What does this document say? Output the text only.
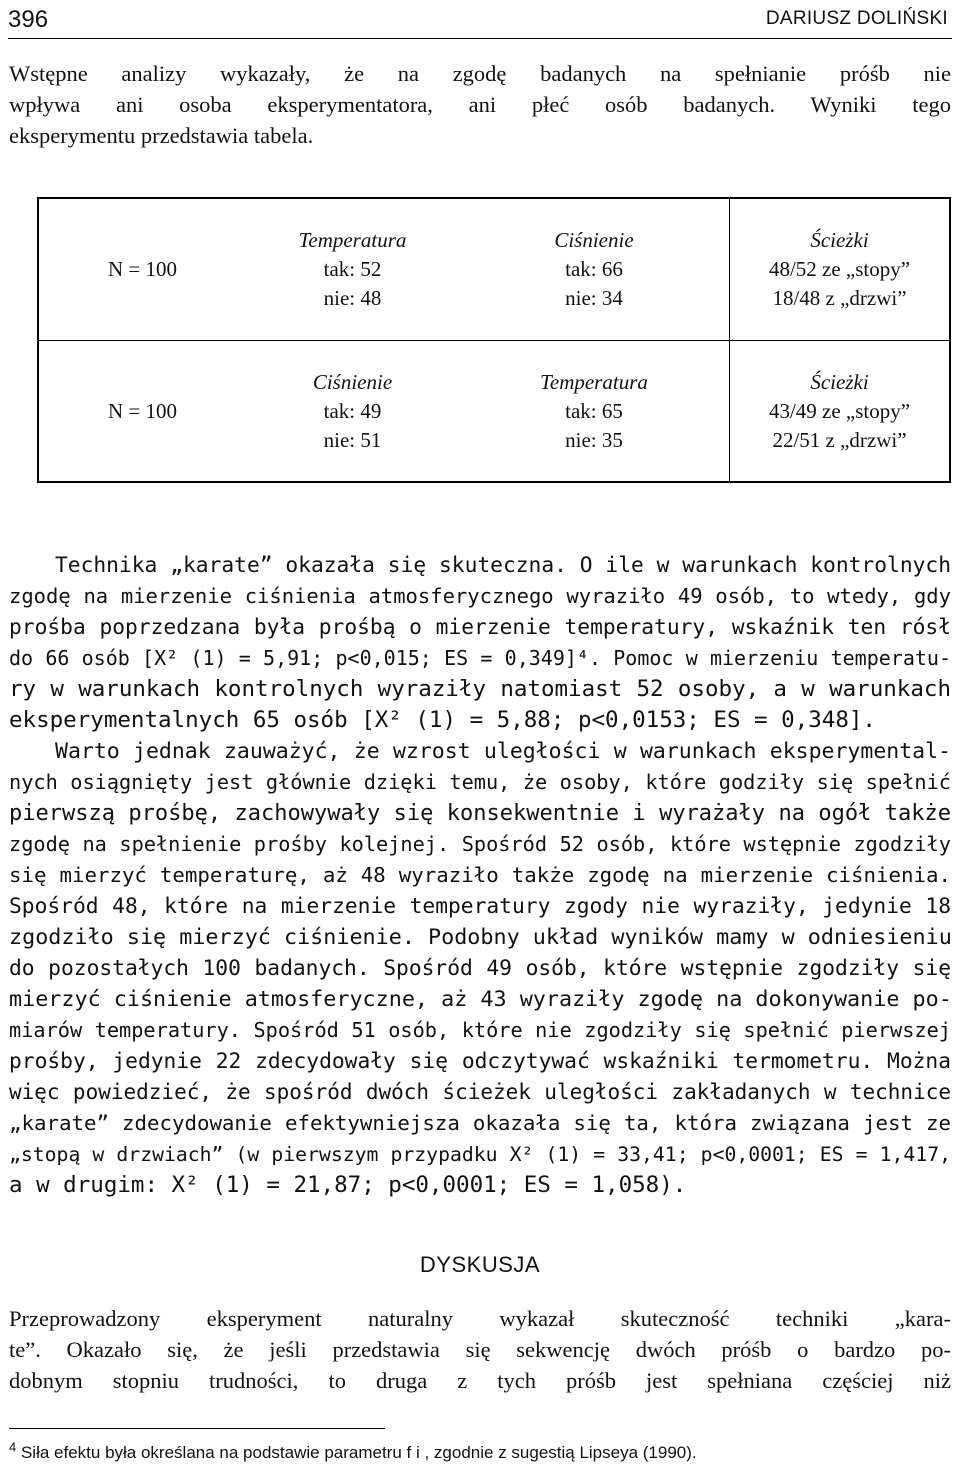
396	DARIUSZ DOLIŃSKI
Wstępne analizy wykazały, że na zgodę badanych na spełnianie próśb nie
wpływa ani osoba eksperymentatora, ani płeć osób badanych. Wyniki tego
eksperymentu przedstawia tabela.
N = 100
Temperatura
tak: 52
nie: 48
Ciśnienie
tak: 66
nie: 34
Ścieżki
48/52 ze „stopy”
18/48 z „drzwi”
N = 100
Ciśnienie
tak: 49
nie: 51
Temperatura
tak: 65
nie: 35
Ścieżki
43/49 ze „stopy”
22/51 z „drzwi”
Technika „karate” okazała się skuteczna. O ile w warunkach kontrolnych
zgodę na mierzenie ciśnienia atmosferycznego wyraziło 49 osób, to wtedy, gdy
prośba poprzedzana była prośbą o mierzenie temperatury, wskaźnik ten rósł
do 66 osób [X² (1) = 5,91; p<0,015; ES = 0,349]⁴. Pomoc w mierzeniu temperatu-
ry w warunkach kontrolnych wyraziły natomiast 52 osoby, a w warunkach
eksperymentalnych 65 osób [X² (1) = 5,88; p<0,0153; ES = 0,348].
Warto jednak zauważyć, że wzrost uległości w warunkach eksperymental-
nych osiągnięty jest głównie dzięki temu, że osoby, które godziły się spełnić
pierwszą prośbę, zachowywały się konsekwentnie i wyrażały na ogół także
zgodę na spełnienie prośby kolejnej. Spośród 52 osób, które wstępnie zgodziły
się mierzyć temperaturę, aż 48 wyraziło także zgodę na mierzenie ciśnienia.
Spośród 48, które na mierzenie temperatury zgody nie wyraziły, jedynie 18
zgodziło się mierzyć ciśnienie. Podobny układ wyników mamy w odniesieniu
do pozostałych 100 badanych. Spośród 49 osób, które wstępnie zgodziły się
mierzyć ciśnienie atmosferyczne, aż 43 wyraziły zgodę na dokonywanie po-
miarów temperatury. Spośród 51 osób, które nie zgodziły się spełnić pierwszej
prośby, jedynie 22 zdecydowały się odczytywać wskaźniki termometru. Można
więc powiedzieć, że spośród dwóch ścieżek uległości zakładanych w technice
„karate” zdecydowanie efektywniejsza okazała się ta, która związana jest ze
„stopą w drzwiach” (w pierwszym przypadku X² (1) = 33,41; p<0,0001; ES = 1,417,
a w drugim: X² (1) = 21,87; p<0,0001; ES = 1,058).
DYSKUSJA
Przeprowadzony eksperyment naturalny wykazał skuteczność techniki „kara-
te”. Okazało się, że jeśli przedstawia się sekwencję dwóch próśb o bardzo po-
dobnym stopniu trudności, to druga z tych próśb jest spełniana częściej niż
$^4$ Siła efektu była określana na podstawie parametru f i , zgodnie z sugestią Lipseya (1990).
